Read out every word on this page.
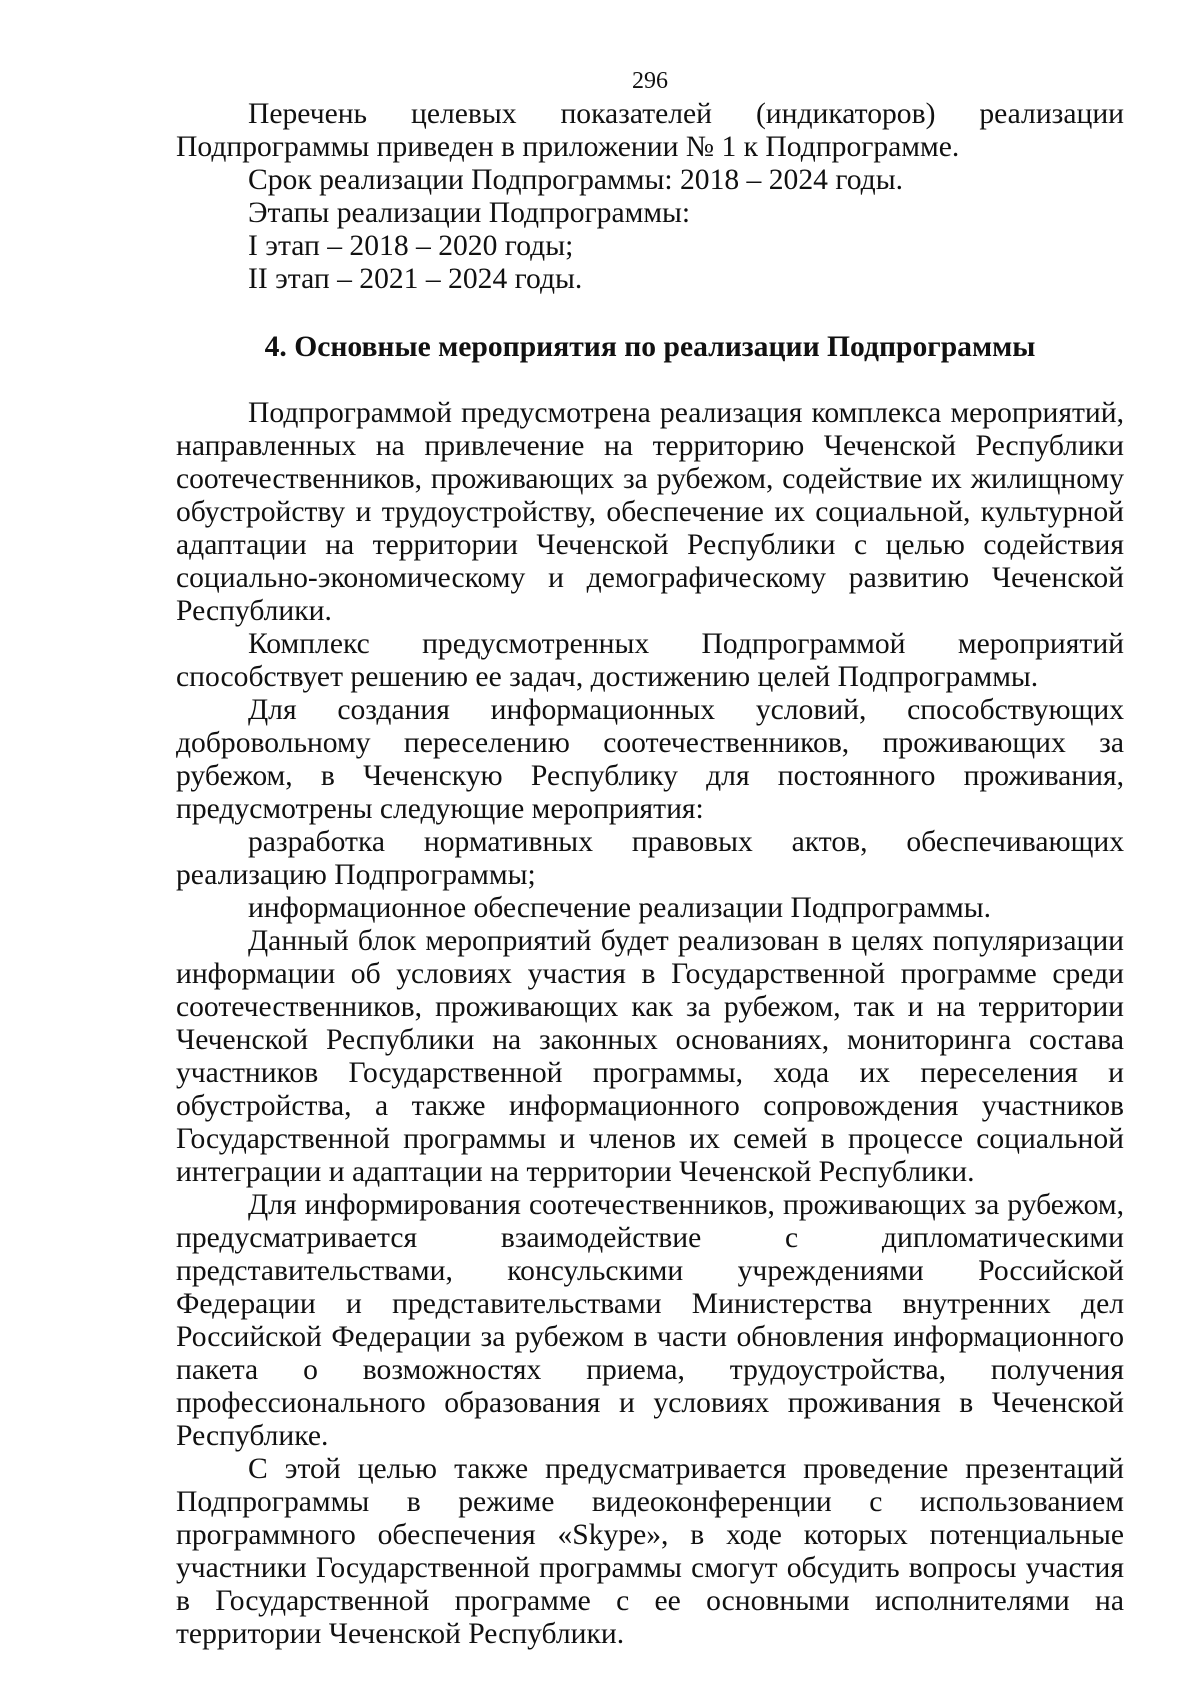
296

Перечень целевых показателей (индикаторов) реализации Подпрограммы приведен в приложении № 1 к Подпрограмме.

Срок реализации Подпрограммы: 2018 – 2024 годы.

Этапы реализации Подпрограммы:

I этап – 2018 – 2020 годы;

II этап – 2021 – 2024 годы.

4. Основные мероприятия по реализации Подпрограммы

Подпрограммой предусмотрена реализация комплекса мероприятий, направленных на привлечение на территорию Чеченской Республики соотечественников, проживающих за рубежом, содействие их жилищному обустройству и трудоустройству, обеспечение их социальной, культурной адаптации на территории Чеченской Республики с целью содействия социально-экономическому и демографическому развитию Чеченской Республики.

Комплекс предусмотренных Подпрограммой мероприятий способствует решению ее задач, достижению целей Подпрограммы.

Для создания информационных условий, способствующих добровольному переселению соотечественников, проживающих за рубежом, в Чеченскую Республику для постоянного проживания, предусмотрены следующие мероприятия:

разработка нормативных правовых актов, обеспечивающих реализацию Подпрограммы;

информационное обеспечение реализации Подпрограммы.

Данный блок мероприятий будет реализован в целях популяризации информации об условиях участия в Государственной программе среди соотечественников, проживающих как за рубежом, так и на территории Чеченской Республики на законных основаниях, мониторинга состава участников Государственной программы, хода их переселения и обустройства, а также информационного сопровождения участников Государственной программы и членов их семей в процессе социальной интеграции и адаптации на территории Чеченской Республики.

Для информирования соотечественников, проживающих за рубежом, предусматривается взаимодействие с дипломатическими представительствами, консульскими учреждениями Российской Федерации и представительствами Министерства внутренних дел Российской Федерации за рубежом в части обновления информационного пакета о возможностях приема, трудоустройства, получения профессионального образования и условиях проживания в Чеченской Республике.

С этой целью также предусматривается проведение презентаций Подпрограммы в режиме видеоконференции с использованием программного обеспечения «Skype», в ходе которых потенциальные участники Государственной программы смогут обсудить вопросы участия в Государственной программе с ее основными исполнителями на территории Чеченской Республики.
